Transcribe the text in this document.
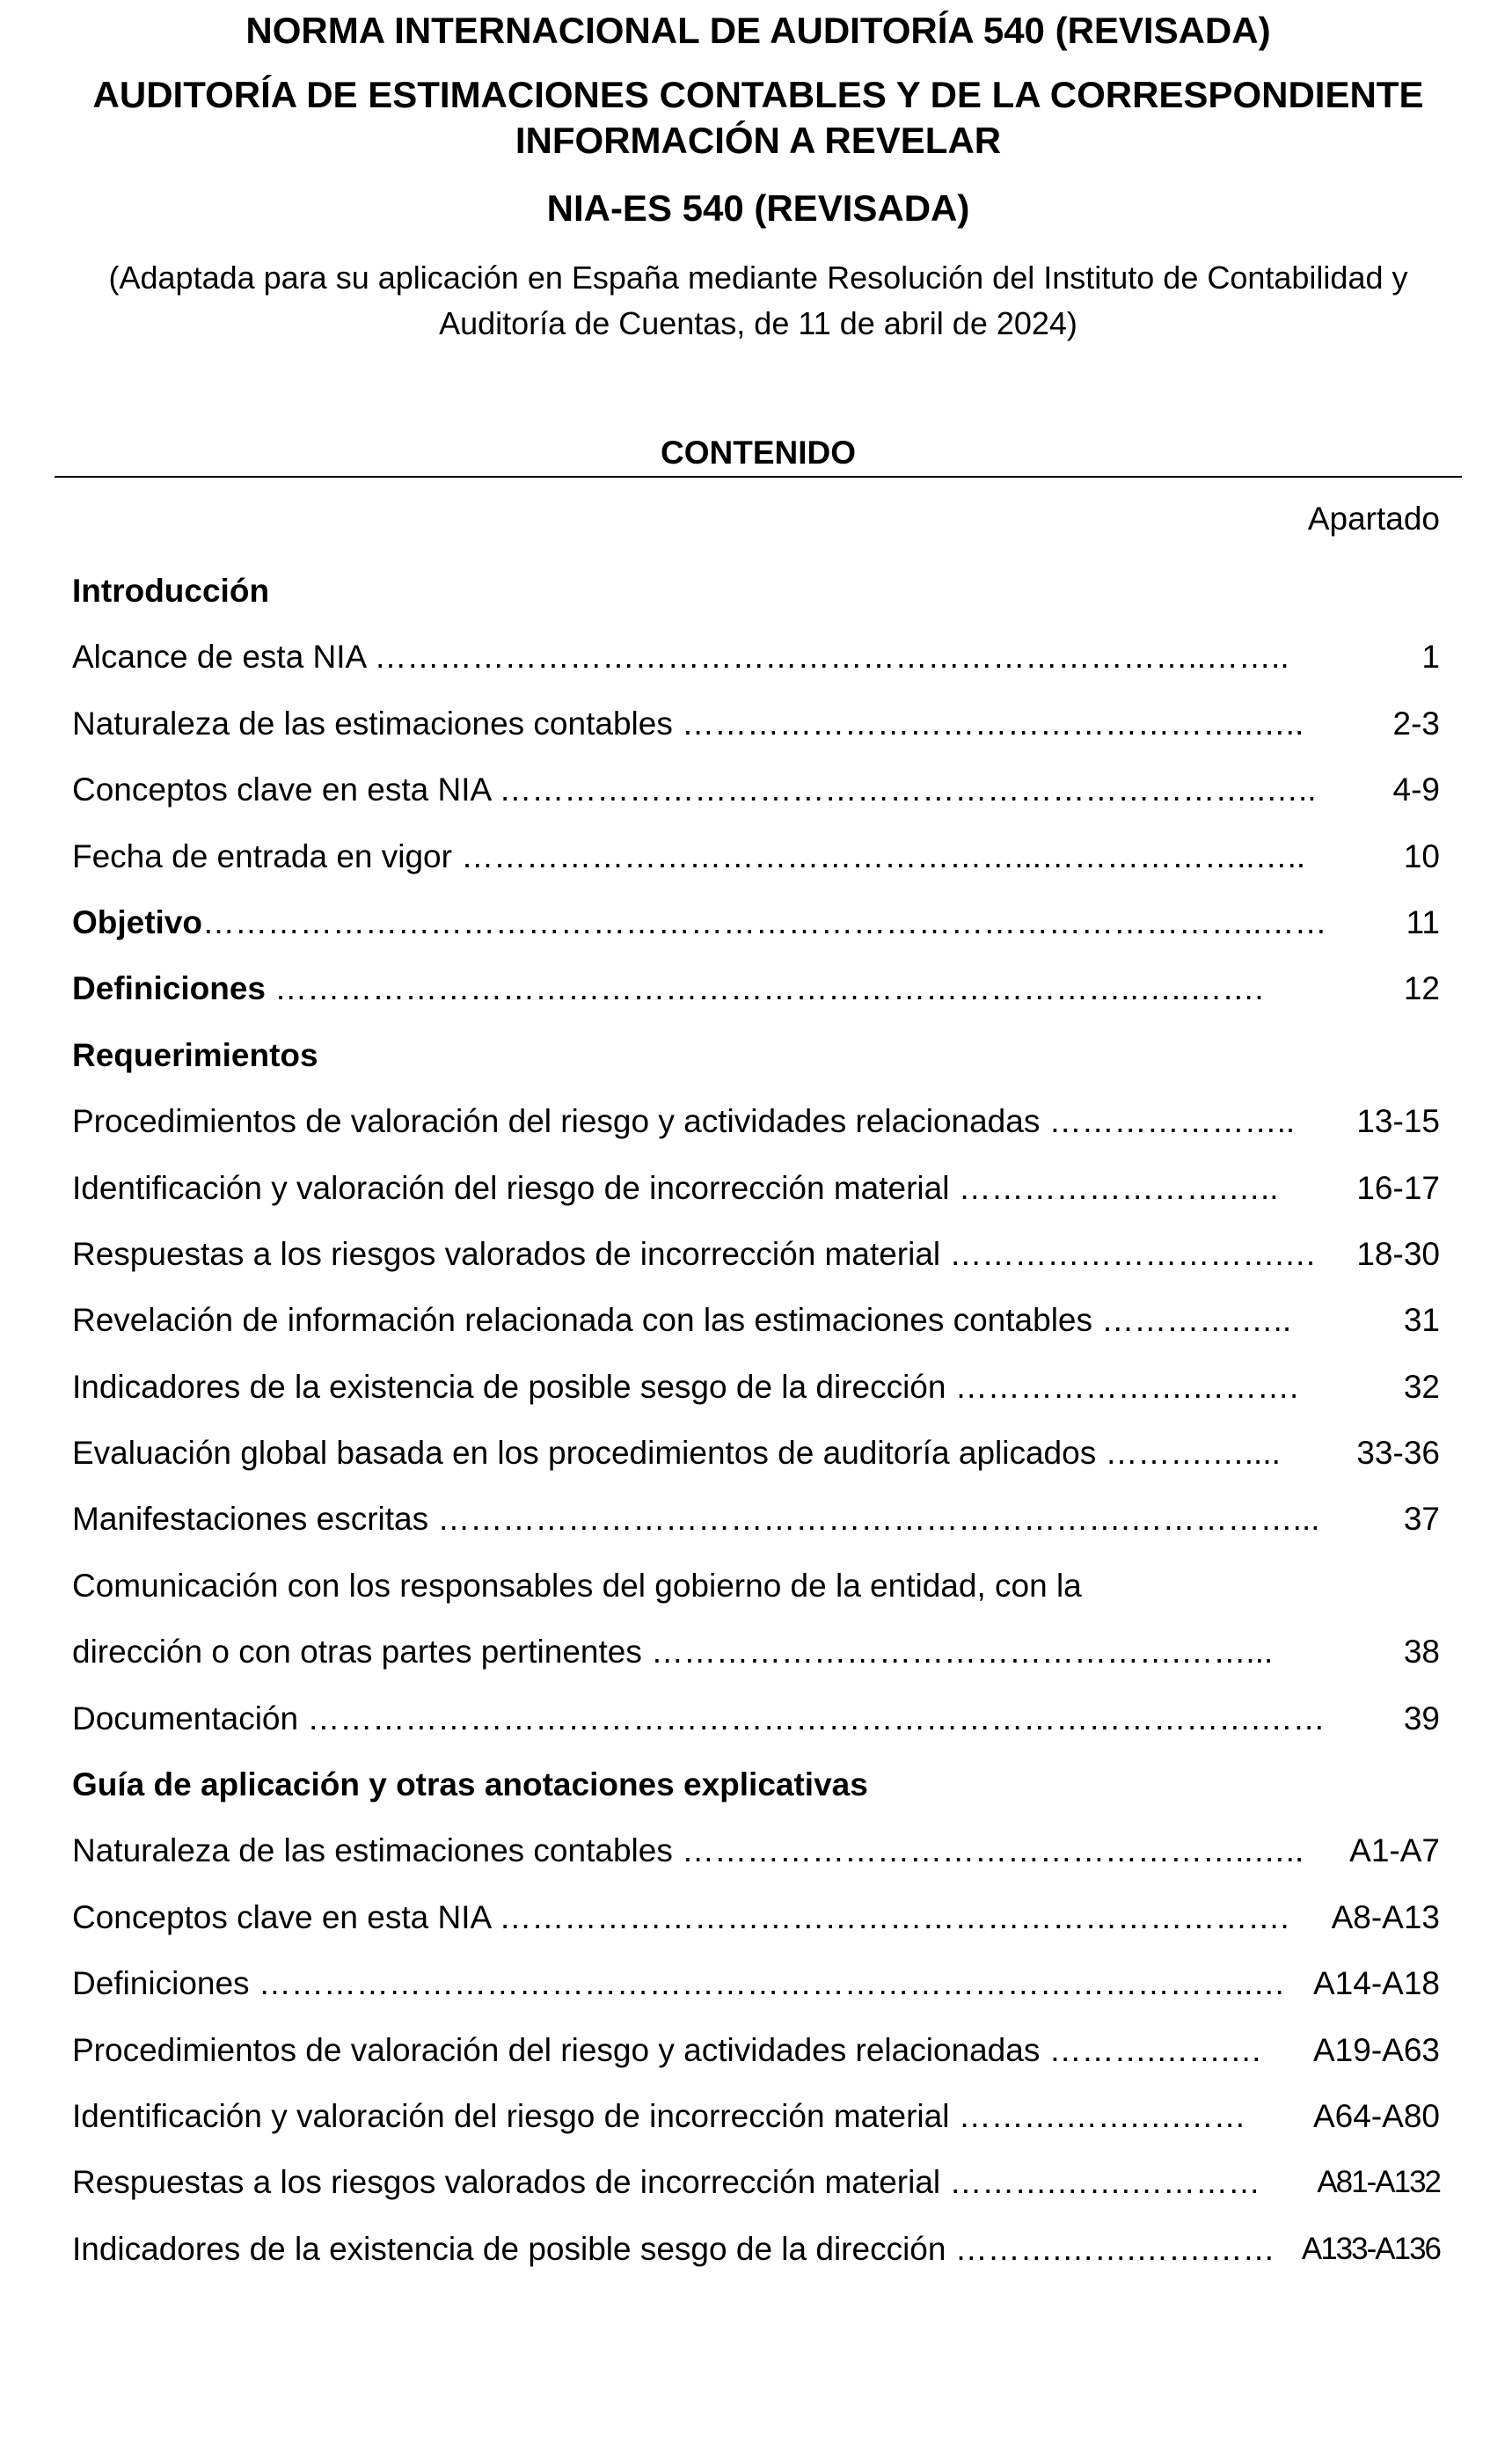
NORMA INTERNACIONAL DE AUDITORÍA 540 (REVISADA)
AUDITORÍA DE ESTIMACIONES CONTABLES Y DE LA CORRESPONDIENTE
INFORMACIÓN A REVELAR
NIA-ES 540 (REVISADA)
(Adaptada para su aplicación en España mediante Resolución del Instituto de Contabilidad y
Auditoría de Cuentas, de 11 de abril de 2024)
CONTENIDO
Apartado
Introducción
Alcance de esta NIA …………………………………………………………………..……..	1
Naturaleza de las estimaciones contables ……………………………………………..…..	2-3
Conceptos clave en esta NIA ……………………………………………………………..….. 4-9
Fecha de entrada en vigor ……………………………………………...………………..…..	10
Objetivo……………………………………………………………………………………..…… 11
Definiciones ……………………………………………………………………..…..…….	12
Requerimientos
Procedimientos de valoración del riesgo y actividades relacionadas ………………….. 13-15
Identificación y valoración del riesgo de incorrección material …………………….….. 16-17
Respuestas a los riesgos valorados de incorrección material ………………………….… 18-30
Revelación de información relacionada con las estimaciones contables ………….…..	31
Indicadores de la existencia de posible sesgo de la dirección ………………….……….	32
Evaluación global basada en los procedimientos de auditoría aplicados ……….….... 33-36
Manifestaciones escritas ……………………………………………………….……………...	37
Comunicación con los responsables del gobierno de la entidad, con la
dirección o con otras partes pertinentes ………………………………………….……...	38
Documentación …………………………………………………………………………….…… 39
Guía de aplicación y otras anotaciones explicativas
Naturaleza de las estimaciones contables ……………………………………………..….. A1-A7
Conceptos clave en esta NIA ………………………………………………………………. A8-A13
Definiciones ………………………………………………………………………………..… A14-A18
Procedimientos de valoración del riesgo y actividades relacionadas ……….…….… A19-A63
Identificación y valoración del riesgo de incorrección material ……….…….….…… A64-A80
Respuestas a los riesgos valorados de incorrección material ……….…….………… A81-A132
Indicadores de la existencia de posible sesgo de la dirección ……….…….…….…… A133-A136
